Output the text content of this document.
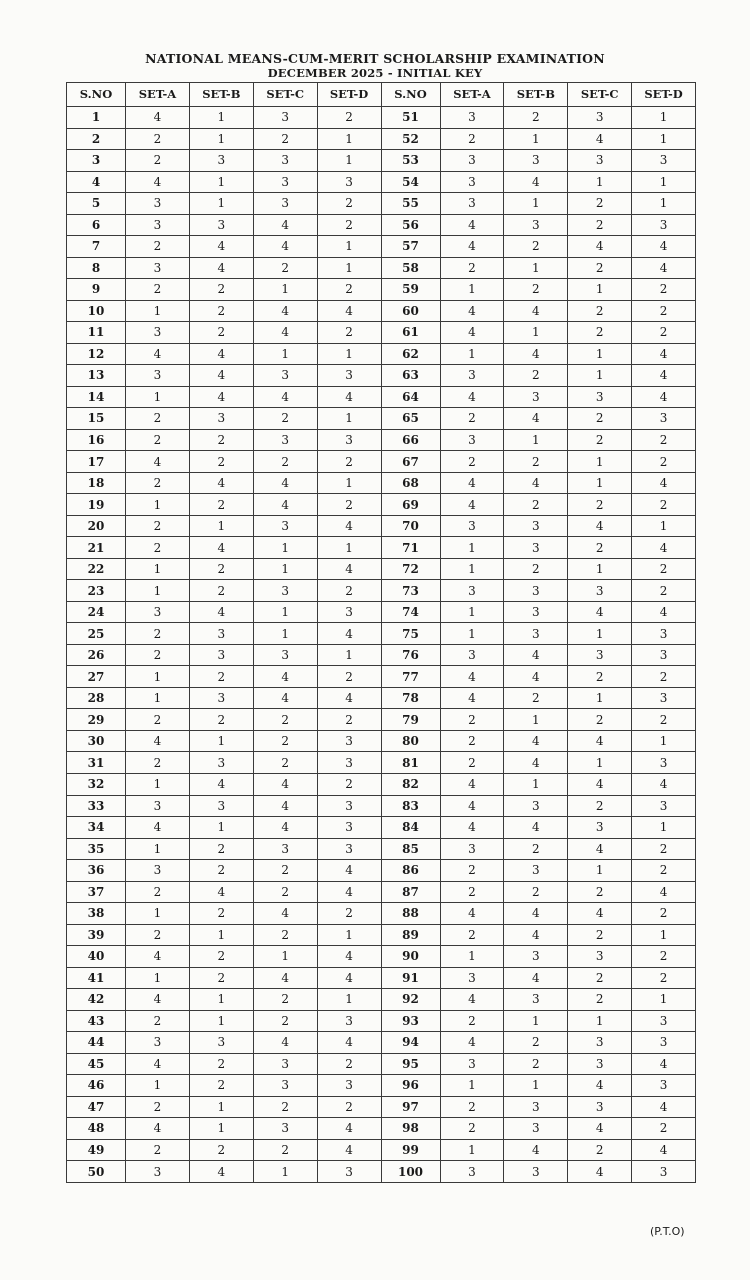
NATIONAL MEANS-CUM-MERIT SCHOLARSHIP EXAMINATION
DECEMBER 2025 - INITIAL KEY
S.NO	SET-A	SET-B	SET-C	SET-D	S.NO	SET-A	SET-B	SET-C	SET-D
1	4	1	3	2	51	3	2	3	1
2	2	1	2	1	52	2	1	4	1
3	2	3	3	1	53	3	3	3	3
4	4	1	3	3	54	3	4	1	1
5	3	1	3	2	55	3	1	2	1
6	3	3	4	2	56	4	3	2	3
7	2	4	4	1	57	4	2	4	4
8	3	4	2	1	58	2	1	2	4
9	2	2	1	2	59	1	2	1	2
10	1	2	4	4	60	4	4	2	2
11	3	2	4	2	61	4	1	2	2
12	4	4	1	1	62	1	4	1	4
13	3	4	3	3	63	3	2	1	4
14	1	4	4	4	64	4	3	3	4
15	2	3	2	1	65	2	4	2	3
16	2	2	3	3	66	3	1	2	2
17	4	2	2	2	67	2	2	1	2
18	2	4	4	1	68	4	4	1	4
19	1	2	4	2	69	4	2	2	2
20	2	1	3	4	70	3	3	4	1
21	2	4	1	1	71	1	3	2	4
22	1	2	1	4	72	1	2	1	2
23	1	2	3	2	73	3	3	3	2
24	3	4	1	3	74	1	3	4	4
25	2	3	1	4	75	1	3	1	3
26	2	3	3	1	76	3	4	3	3
27	1	2	4	2	77	4	4	2	2
28	1	3	4	4	78	4	2	1	3
29	2	2	2	2	79	2	1	2	2
30	4	1	2	3	80	2	4	4	1
31	2	3	2	3	81	2	4	1	3
32	1	4	4	2	82	4	1	4	4
33	3	3	4	3	83	4	3	2	3
34	4	1	4	3	84	4	4	3	1
35	1	2	3	3	85	3	2	4	2
36	3	2	2	4	86	2	3	1	2
37	2	4	2	4	87	2	2	2	4
38	1	2	4	2	88	4	4	4	2
39	2	1	2	1	89	2	4	2	1
40	4	2	1	4	90	1	3	3	2
41	1	2	4	4	91	3	4	2	2
42	4	1	2	1	92	4	3	2	1
43	2	1	2	3	93	2	1	1	3
44	3	3	4	4	94	4	2	3	3
45	4	2	3	2	95	3	2	3	4
46	1	2	3	3	96	1	1	4	3
47	2	1	2	2	97	2	3	3	4
48	4	1	3	4	98	2	3	4	2
49	2	2	2	4	99	1	4	2	4
50	3	4	1	3	100	3	3	4	3
(P.T.O)
